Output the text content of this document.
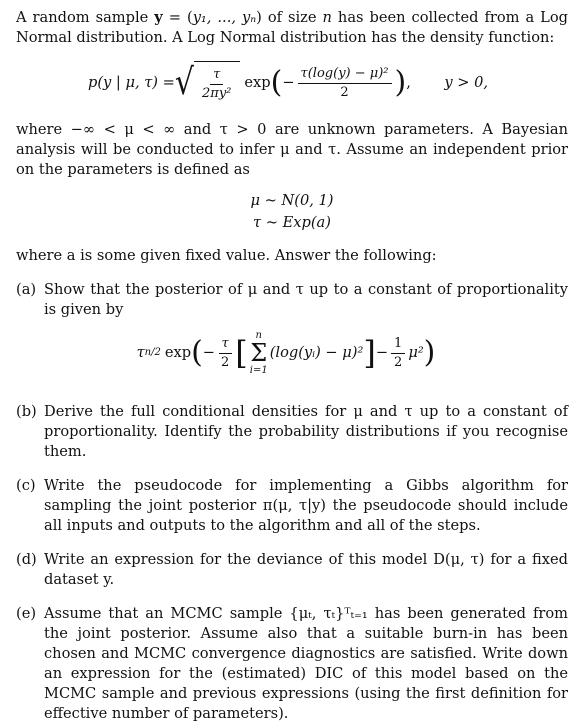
A random sample y = (y₁, ..., yₙ) of size n has been collected from a Log Normal distribution. A Log Normal distribution has the density function:

p(y | μ, τ) = √ $\frac{\tau}{\text{2πy²}}$ exp ( − $\frac{\text{τ(log(y) − μ)²}}{2}$ ) , y > 0,

where −∞ < μ < ∞ and τ > 0 are unknown parameters. A Bayesian analysis will be conducted to infer μ and τ. Assume an independent prior on the parameters is defined as

μ ~ N(0, 1)
τ ~ Exp(a)

where a is some given fixed value. Answer the following:

(a) Show that the posterior of μ and τ up to a constant of proportionality is given by
τ n/2 exp ( − $\frac{\tau}{2}$ [ n
Σ
i=1
(log(yᵢ) − μ)² ] − $\frac{1}{2} \mu^2$ )
(b) Derive the full conditional densities for μ and τ up to a constant of proportionality. Identify the probability distributions if you recognise them.
(c) Write the pseudocode for implementing a Gibbs algorithm for sampling the joint posterior π(μ, τ|y) the pseudocode should include all inputs and outputs to the algorithm and all of the steps.
(d) Write an expression for the deviance of this model D(μ, τ) for a fixed dataset y.
(e) Assume that an MCMC sample {μₜ, τₜ}ᵀₜ₌₁ has been generated from the joint posterior. Assume also that a suitable burn-in has been chosen and MCMC convergence diagnostics are satisfied. Write down an expression for the (estimated) DIC of this model based on the MCMC sample and previous expressions (using the first definition for effective number of parameters).
